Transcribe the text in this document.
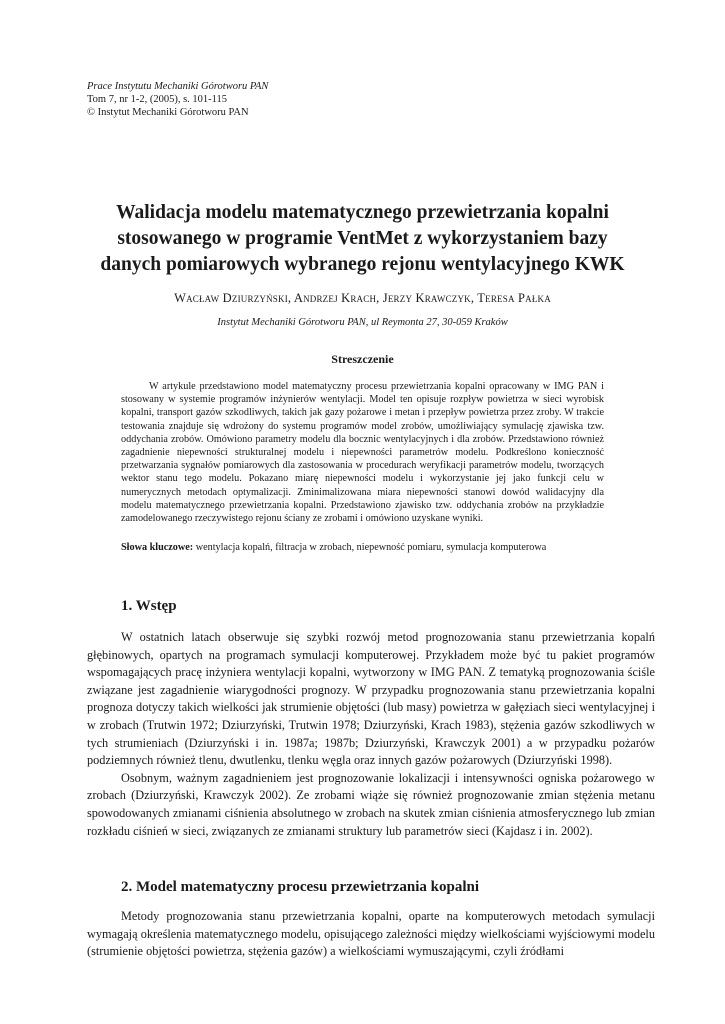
Prace Instytutu Mechaniki Górotworu PAN
Tom 7, nr 1-2, (2005), s. 101-115
© Instytut Mechaniki Górotworu PAN
Walidacja modelu matematycznego przewietrzania kopalni
stosowanego w programie VentMet z wykorzystaniem bazy
danych pomiarowych wybranego rejonu wentylacyjnego KWK
Wacław Dziurzyński, Andrzej Krach, Jerzy Krawczyk, Teresa Pałka
Instytut Mechaniki Górotworu PAN, ul Reymonta 27, 30-059 Kraków
Streszczenie

W artykule przedstawiono model matematyczny procesu przewietrzania kopalni opracowany w IMG PAN i stosowany w systemie programów inżynierów wentylacji. Model ten opisuje rozpływ powietrza w sieci wyrobisk kopalni, transport gazów szkodliwych, takich jak gazy pożarowe i metan i przepływ powietrza przez zroby. W trakcie testowania znajduje się wdrożony do systemu programów model zrobów, umożliwiający symulację zjawiska tzw. oddychania zrobów. Omówiono parametry modelu dla bocznic wentylacyjnych i dla zrobów. Przedstawiono również zagadnienie niepewności strukturalnej modelu i niepewności parametrów modelu. Podkreślono konieczność przetwarzania sygnałów pomiarowych dla zastosowania w procedurach weryfikacji parametrów modelu, tworzących wektor stanu tego modelu. Pokazano miarę niepewności modelu i wykorzystanie jej jako funkcji celu w numerycznych metodach optymalizacji. Zminimalizowana miara niepewności stanowi dowód walidacyjny dla modelu matematycznego przewietrzania kopalni. Przedstawiono zjawisko tzw. oddychania zrobów na przykładzie zamodelowanego rzeczywistego rejonu ściany ze zrobami i omówiono uzyskane wyniki.

Słowa kluczowe: wentylacja kopalń, filtracja w zrobach, niepewność pomiaru, symulacja komputerowa
1. Wstęp

W ostatnich latach obserwuje się szybki rozwój metod prognozowania stanu przewietrzania kopalń głębinowych, opartych na programach symulacji komputerowej. Przykładem może być tu pakiet programów wspomagających pracę inżyniera wentylacji kopalni, wytworzony w IMG PAN. Z tematyką prognozowania ściśle związane jest zagadnienie wiarygodności prognozy. W przypadku prognozowania stanu przewietrzania kopalni prognoza dotyczy takich wielkości jak strumienie objętości (lub masy) powietrza w gałęziach sieci wentylacyjnej i w zrobach (Trutwin 1972; Dziurzyński, Trutwin 1978; Dziurzyński, Krach 1983), stężenia gazów szkodliwych w tych strumieniach (Dziurzyński i in. 1987a; 1987b; Dziurzyński, Krawczyk 2001) a w przypadku pożarów podziemnych również tlenu, dwutlenku, tlenku węgla oraz innych gazów pożarowych (Dziurzyński 1998).

Osobnym, ważnym zagadnieniem jest prognozowanie lokalizacji i intensywności ogniska pożarowego w zrobach (Dziurzyński, Krawczyk 2002). Ze zrobami wiąże się również prognozowanie zmian stężenia metanu spowodowanych zmianami ciśnienia absolutnego w zrobach na skutek zmian ciśnienia atmosferycznego lub zmian rozkładu ciśnień w sieci, związanych ze zmianami struktury lub parametrów sieci (Kajdasz i in. 2002).

2. Model matematyczny procesu przewietrzania kopalni

Metody prognozowania stanu przewietrzania kopalni, oparte na komputerowych metodach symulacji wymagają określenia matematycznego modelu, opisującego zależności między wielkościami wyjściowymi modelu (strumienie objętości powietrza, stężenia gazów) a wielkościami wymuszającymi, czyli źródłami
